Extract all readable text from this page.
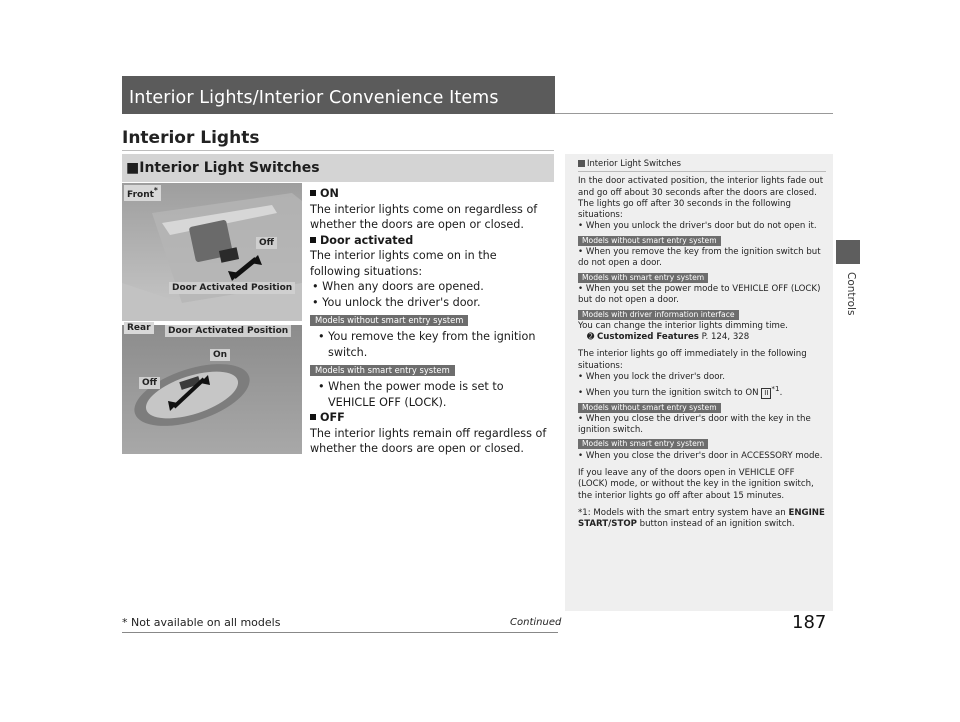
Interior Lights/Interior Convenience Items
Controls
Interior Lights
■Interior Light Switches
Front*
Off
Door Activated Position
Rear	Door Activated Position
On
Off
ON
The interior lights come on regardless of whether the doors are open or closed.
Door activated
The interior lights come on in the following situations:
• When any doors are opened.
• You unlock the driver's door.
Models without smart entry system
• You remove the key from the ignition switch.
Models with smart entry system
• When the power mode is set to VEHICLE OFF (LOCK).
OFF
The interior lights remain off regardless of whether the doors are open or closed.
Interior Light Switches
In the door activated position, the interior lights fade out and go off about 30 seconds after the doors are closed. The lights go off after 30 seconds in the following situations:
• When you unlock the driver's door but do not open it.
Models without smart entry system
• When you remove the key from the ignition switch but do not open a door.
Models with smart entry system
• When you set the power mode to VEHICLE OFF (LOCK) but do not open a door.
Models with driver information interface
You can change the interior lights dimming time.
➋ Customized Features P. 124, 328
The interior lights go off immediately in the following situations:
• When you lock the driver's door.
• When you turn the ignition switch to ON II $^{*1}$.
Models without smart entry system
• When you close the driver's door with the key in the ignition switch.
Models with smart entry system
• When you close the driver's door in ACCESSORY mode.
If you leave any of the doors open in VEHICLE OFF (LOCK) mode, or without the key in the ignition switch, the interior lights go off after about 15 minutes.
*1: Models with the smart entry system have an ENGINE START/STOP button instead of an ignition switch.
* Not available on all models	Continued	187
